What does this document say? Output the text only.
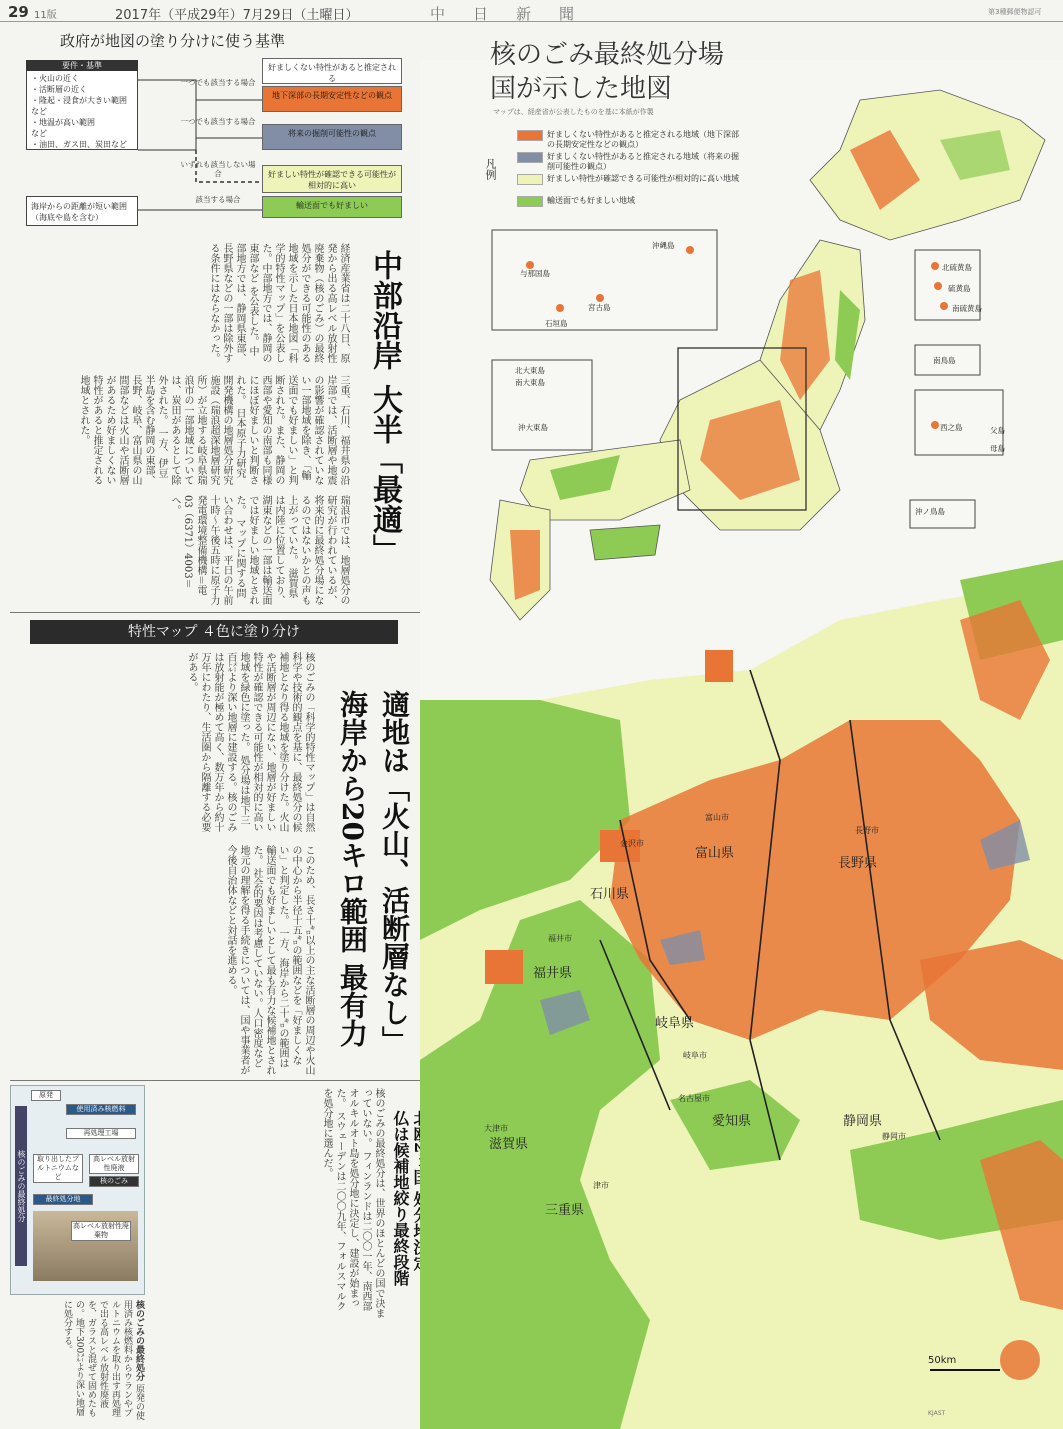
29 11版	2017年（平成29年）7月29日（土曜日）	中日新聞	第3種郵便物認可
政府が地図の塗り分けに使う基準
・火山の近く
・活断層の近く
・隆起・浸食が大きい範囲
など
・地温が高い範囲
など
・油田、ガス田、炭田など
要件・基準
海岸からの距離が短い範囲（海底や島を含む）
一つでも該当する場合
一つでも該当する場合
いずれも該当しない場合
該当する場合
好ましくない特性があると推定される
地下深部の長期安定性などの観点
将来の掘削可能性の観点
好ましい特性が確認できる可能性が相対的に高い
輸送面でも好ましい
中部沿岸大半「最適」
経済産業省は二十八日、原発から出る高レベル放射性廃棄物（核のごみ）の最終処分ができる可能性のある地域を示した日本地図「科学的特性マップ」を公表した。中部地方では、静岡の東部など を公表した。中部地方では、静岡県東部、長野県などの一部は除外する条件にはならなかった。
三重、石川、福井県の沿岸部では、活断層や地震の影響が確認されていない一部地域を除き、「輸送面でも好ましい」と判断された。また、静岡の西部や愛知の南部も同様にほぼ好ましいと判断された。 日本原子力研究開発機構の地層処分研究施設（瑞浪超深地層研究所）が立地する岐阜県瑞浪市の一部地域については、炭田があるとして除外された。 一方、伊豆半島を含む静岡の東部、長野、岐阜、富山県の山間部などは火山や活断層があるため好ましくない特性があると推定される地域とされた。
瑞浪市では、地層処分の研究が行われているが、将来的に最終処分場になるのではないかとの声も上がっていた。 滋賀県は内陸に位置しており、湖東などの一部は輸送面では好ましい地域とされた。 マップに関する問い合わせは、平日の午前十時～午後五時に原子力発電環境整備機構＝電03（6371）4003＝へ。
特性マップ ４色に塗り分け
適地は「火山、活断層なし」
海岸から20キロ範囲 最有力
核のごみの「科学的特性マップ」は自然科学や技術的観点を基に、最終処分の候補地となり得る地域を塗り分けた。火山や活断層が周辺にない、地層が好ましい特性が確認できる可能性が相対的に高い地域を緑色に塗った。 処分場は地下三百㍍より深い地層に建設する。核のごみは放射能が極めて高く、数万年から約十万年にわたり、生活圏から隔離する必要がある。
このため、長さ十㌔以上の主な活断層の周辺や火山の中心から半径十五㌔の範囲などを「好ましくない」と判定した。 一方、海岸から二十㌔の範囲は輸送面でも好ましいとして最も有力な候補地とされた。 社会的要因は考慮していない。人口密度など地元の理解を得る手続きについては、国や事業者が今後自治体などと対話を進める。
核のごみの最終処分
原発
使用済み核燃料
再処理工場
取り出したプルトニウムなど
高レベル放射性廃液
核のごみ
最終処分地
高レベル放射性廃棄物	仏は候補地絞り最終段階
核のごみの最終処分は、世界のほとんどの国で決まっていない。 フィンランドは二〇〇一年、南西部オルキルオト島を処分地に決定し、建設が始まった。 スウェーデンは二〇〇九年、フォルスマルクを処分地に選んだ。
核のごみの最終処分 原発の使用済み核燃料からウランやプルトニウムを取り出す再処理で出る高レベル放射性廃液を、ガラスと混ぜて固めたもの。地下300㍍より深い地層に処分する。
核のごみ最終処分場
国が示した地図
マップは、経産省が公表したものを基に本紙が作製
凡例
好ましくない特性があると推定される地域（地下深部の長期安定性などの観点）
好ましくない特性があると推定される地域（将来の掘削可能性の観点）
好ましい特性が確認できる可能性が相対的に高い地域
輸送面でも好ましい地域
沖縄島
与那国島
宮古島
石垣島
北大東島
南大東島
沖大東島
北硫黄島
硫黄島
南硫黄島
南鳥島
西之島	父島
母島
沖ノ鳥島
富山県
長野県
石川県
福井県
岐阜県
愛知県	静岡県
滋賀県
三重県
富山市
長野市
金沢市
福井市
岐阜市
名古屋市
大津市
津市
静岡市
50km
KJAST
